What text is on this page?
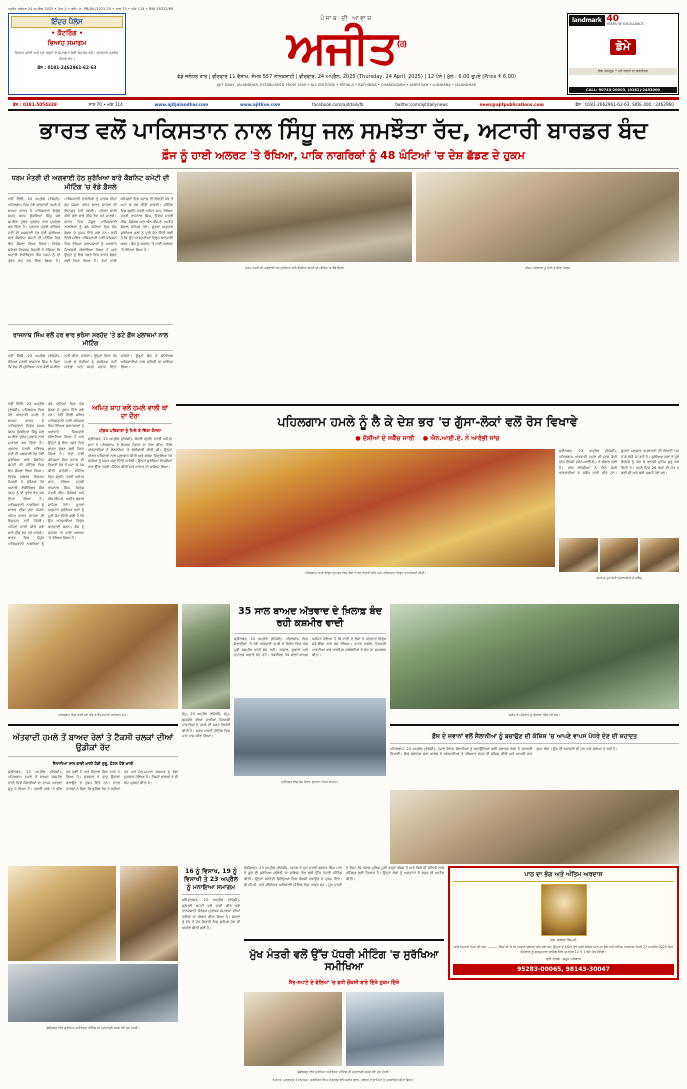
ਅਜੀਤ ਜਲੰਧਰ 24 ਅਪ੍ਰੈਲ 2025 • ਪੰਨਾ 1 • ਰਜਿ: ਨੰ: PB/JAL/2023-25 • ਸਾਲ 70 • ਅੰਕ 114 • RNI 18322/69
ਇੰਦਰ ਪੈਲੇਸ
• ਕੈਟਰਿੰਗ •
ਵਿਆਹ ਸਮਾਗਮ
ਵਿਆਹ ਸ਼ਾਦੀ ਅਤੇ ਹਰ ਤਰ੍ਹਾਂ ਦੇ ਸਮਾਗਮਾਂ ਲਈ ਸੰਪਰਕ ਕਰੋ। ਸ਼ਾਨਦਾਰ ਪ੍ਰਬੰਧ, ਵਾਜਬ ਰੇਟ।
ਫ਼ੋਨ : 0181-2462961-62-63
ਪੰਜਾਬ ਦੀ ਆਵਾਜ਼
ਅਜੀਤ$^{(ਰ)}$
ਵੱਡੇ ਜਲੰਧਰ ਤਾਰ | ਵੀਰਵਾਰ 11 ਵੈਸਾਖ, ਸੰਮਤ 557 ਨਾਨਕਸ਼ਾਹੀ | ਵੀਰਵਾਰ, 24 ਅਪ੍ਰੈਲ, 2025 (Thursday, 24 April, 2025) | 12 ਪੰਨੇ | ਮੁੱਲ : 6.00 ਰੁਪਏ (Price ₹ 6.00)
AJIT DAILY, JALANDHAR, ESTABLISHED FROM 1955 • ALL EDITIONS • PATIALA • BATHINDA • CHANDIGARH • AMRITSAR • LUDHIANA • JALANDHAR
landmark 40
YEARS OF EXCELLENCE
ਡੋਮੇ
ਵੱਡਾ ਸ਼ੋਅਰੂਮ • ਹਰ ਤਰ੍ਹਾਂ ਦਾ ਫ਼ਰਨੀਚਰ
CALL: 90743-20003, (0181)-2451000
ਫ਼ੋਨ : 0181-5054328	ਸਾਲ 70 • ਅੰਕ 114	www.ajitjalandhar.com	www.ajitlive.com	facebook.com/ajitdailyfb	twitter.com/ajitdailynews	news@ajitpublications.com	ਫ਼ੋਨ : 0181-2662961-62-63, SIDE 400 : 2462960
ਭਾਰਤ ਵਲੋਂ ਪਾਕਿਸਤਾਨ ਨਾਲ ਸਿੰਧੂ ਜਲ ਸਮਝੌਤਾ ਰੱਦ, ਅਟਾਰੀ ਬਾਰਡਰ ਬੰਦ
ਫ਼ੌਜ ਨੂੰ ਹਾਈ ਅਲਰਟ 'ਤੇ ਰੱਖਿਆ, ਪਾਕਿ ਨਾਗਰਿਕਾਂ ਨੂੰ 48 ਘੰਟਿਆਂ 'ਚ ਦੇਸ਼ ਛੱਡਣ ਦੇ ਹੁਕਮ
ਧਰਮ ਮੰਤਰੀ ਦੀ ਅਗਵਾਈ ਹੇਠ ਸੁਰੱਖਿਆ ਬਾਰੇ ਕੈਬਨਿਟ ਕਮੇਟੀ ਦੀ ਮੀਟਿੰਗ 'ਚ ਵੱਡੇ ਫ਼ੈਸਲੇ
ਨਵੀਂ ਦਿੱਲੀ, 23 ਅਪ੍ਰੈਲ (ਏਜੰਸੀ)- ਪਹਿਲਗਾਮ ਵਿਚ ਹੋਏ ਅੱਤਵਾਦੀ ਹਮਲੇ ਤੋਂ ਬਾਅਦ ਭਾਰਤ ਨੇ ਪਾਕਿਸਤਾਨ ਵਿਰੁੱਧ ਸਖ਼ਤ ਕਦਮ ਚੁੱਕਦਿਆਂ ਸਿੰਧੂ ਜਲ ਸਮਝੌਤਾ ਤੁਰੰਤ ਪ੍ਰਭਾਵ ਨਾਲ ਮੁਅੱਤਲ ਕਰ ਦਿੱਤਾ ਹੈ। ਪ੍ਰਧਾਨ ਮੰਤਰੀ ਨਰਿੰਦਰ ਮੋਦੀ ਦੀ ਅਗਵਾਈ ਹੇਠ ਹੋਈ ਸੁਰੱਖਿਆ ਬਾਰੇ ਕੈਬਨਿਟ ਕਮੇਟੀ ਦੀ ਮੀਟਿੰਗ ਵਿਚ ਇਹ ਫ਼ੈਸਲਾ ਲਿਆ ਗਿਆ। ਵਿਦੇਸ਼ ਸਕੱਤਰ ਵਿਕਰਮ ਮਿਸਰੀ ਨੇ ਦੱਸਿਆ ਕਿ ਅਟਾਰੀ ਏਕੀਕ੍ਰਿਤ ਚੈੱਕ ਪੋਸਟ ਨੂੰ ਵੀ ਤੁਰੰਤ ਬੰਦ ਕਰ ਦਿੱਤਾ ਗਿਆ ਹੈ। ਪਾਕਿਸਤਾਨੀ ਨਾਗਰਿਕਾਂ ਨੂੰ ਸਾਰਕ ਵੀਜ਼ਾ ਛੋਟ ਯੋਜਨਾ ਤਹਿਤ ਭਾਰਤ ਯਾਤਰਾ ਦੀ ਇਜਾਜ਼ਤ ਨਹੀਂ ਹੋਵੇਗੀ। ਪਹਿਲਾਂ ਜਾਰੀ ਕੀਤੇ ਗਏ ਸਾਰੇ ਵੀਜ਼ੇ ਰੱਦ ਮੰਨੇ ਜਾਣਗੇ। ਭਾਰਤ ਵਿਚ ਮੌਜੂਦ ਪਾਕਿਸਤਾਨੀ ਨਾਗਰਿਕਾਂ ਨੂੰ 48 ਘੰਟਿਆਂ ਵਿਚ ਦੇਸ਼ ਛੱਡਣ ਦੇ ਹੁਕਮ ਦਿੱਤੇ ਗਏ ਹਨ। ਨਵੀਂ ਦਿੱਲੀ ਸਥਿਤ ਪਾਕਿਸਤਾਨੀ ਹਾਈ ਕਮਿਸ਼ਨ ਵਿਚ ਰੱਖਿਆ ਸਲਾਹਕਾਰਾਂ ਨੂੰ ਅਣਚਾਹੇ ਵਿਅਕਤੀ ਐਲਾਨਿਆ ਗਿਆ ਹੈ ਅਤੇ ਉਨ੍ਹਾਂ ਨੂੰ ਇਕ ਹਫ਼ਤੇ ਵਿਚ ਭਾਰਤ ਛੱਡਣ ਲਈ ਕਿਹਾ ਗਿਆ ਹੈ। ਦੋਵਾਂ ਹਾਈ ਕਮਿਸ਼ਨਾਂ ਵਿਚ ਸਟਾਫ਼ ਦੀ ਗਿਣਤੀ 55 ਤੋਂ ਘਟਾ ਕੇ 30 ਕੀਤੀ ਜਾਵੇਗੀ। ਮੀਟਿੰਗ ਵਿਚ ਗ੍ਰਹਿ ਮੰਤਰੀ ਅਮਿਤ ਸ਼ਾਹ, ਰੱਖਿਆ ਮੰਤਰੀ ਰਾਜਨਾਥ ਸਿੰਘ, ਵਿਦੇਸ਼ ਮੰਤਰੀ ਐੱਸ. ਜੈਸ਼ੰਕਰ ਅਤੇ ਐੱਨ.ਐੱਸ.ਏ. ਅਜੀਤ ਡੋਭਾਲ ਸ਼ਾਮਿਲ ਹੋਏ। ਸੂਤਰਾਂ ਅਨੁਸਾਰ ਸੁਰੱਖਿਆ ਬਲਾਂ ਨੂੰ ਪੂਰੀ ਛੋਟ ਦਿੱਤੀ ਗਈ ਹੈ ਕਿ ਉਹ ਅੱਤਵਾਦੀਆਂ ਵਿਰੁੱਧ ਕਾਰਵਾਈ ਕਰਨ। ਫ਼ੌਜ ਨੂੰ ਸਰਹੱਦ 'ਤੇ ਹਾਈ ਅਲਰਟ 'ਤੇ ਰੱਖਿਆ ਗਿਆ ਹੈ।
ਰਾਜਨਾਥ ਸਿੰਘ ਵਲੋਂ ਹਰ ਵਾਰ ਭਰੋਸਾ ਸਰਹੱਦ 'ਤੇ ਡਟੇ ਫ਼ੌਜ ਮੁਲਾਜ਼ਮਾਂ ਨਾਲ ਮੀਟਿੰਗ
ਨਵੀਂ ਦਿੱਲੀ, 23 ਅਪ੍ਰੈਲ (ਏਜੰਸੀ)- ਰੱਖਿਆ ਮੰਤਰੀ ਰਾਜਨਾਥ ਸਿੰਘ ਨੇ ਕਿਹਾ ਕਿ ਦੇਸ਼ ਦੀ ਸੁਰੱਖਿਆ ਨਾਲ ਕੋਈ ਸਮਝੌਤਾ ਨਹੀਂ ਕੀਤਾ ਜਾਵੇਗਾ। ਉਨ੍ਹਾਂ ਕਿਹਾ ਕਿ ਹਮਲੇ ਦੇ ਦੋਸ਼ੀਆਂ ਨੂੰ ਬਖ਼ਸ਼ਿਆ ਨਹੀਂ ਜਾਵੇਗਾ ਅਤੇ ਸਖ਼ਤ ਜਵਾਬ ਦਿੱਤਾ ਜਾਵੇਗਾ। ਉਨ੍ਹਾਂ ਫ਼ੌਜ ਦੇ ਸੀਨੀਅਰ ਅਧਿਕਾਰੀਆਂ ਨਾਲ ਸਥਿਤੀ ਦਾ ਜਾਇਜ਼ਾ ਲਿਆ।
ਧਰਮ ਮੰਤਰੀ ਦੀ ਅਗਵਾਈ ਹੇਠ ਸੁਰੱਖਿਆ ਬਾਰੇ ਕੈਬਨਿਟ ਕਮੇਟੀ ਦੀ ਮੀਟਿੰਗ 'ਚ ਵੱਡੇ ਫ਼ੈਸਲੇ	ਪੀੜਤ ਪਰਿਵਾਰਾਂ ਨੂੰ ਮਿਲੇ ਤੇ ਦਿੱਤਾ ਹੌਸਲਾ
ਨਵੀਂ ਦਿੱਲੀ, 23 ਅਪ੍ਰੈਲ (ਏਜੰਸੀ)- ਪਹਿਲਗਾਮ ਵਿਚ ਹੋਏ ਅੱਤਵਾਦੀ ਹਮਲੇ ਤੋਂ ਬਾਅਦ ਭਾਰਤ ਨੇ ਪਾਕਿਸਤਾਨ ਵਿਰੁੱਧ ਸਖ਼ਤ ਕਦਮ ਚੁੱਕਦਿਆਂ ਸਿੰਧੂ ਜਲ ਸਮਝੌਤਾ ਤੁਰੰਤ ਪ੍ਰਭਾਵ ਨਾਲ ਮੁਅੱਤਲ ਕਰ ਦਿੱਤਾ ਹੈ। ਪ੍ਰਧਾਨ ਮੰਤਰੀ ਨਰਿੰਦਰ ਮੋਦੀ ਦੀ ਅਗਵਾਈ ਹੇਠ ਹੋਈ ਸੁਰੱਖਿਆ ਬਾਰੇ ਕੈਬਨਿਟ ਕਮੇਟੀ ਦੀ ਮੀਟਿੰਗ ਵਿਚ ਇਹ ਫ਼ੈਸਲਾ ਲਿਆ ਗਿਆ। ਵਿਦੇਸ਼ ਸਕੱਤਰ ਵਿਕਰਮ ਮਿਸਰੀ ਨੇ ਦੱਸਿਆ ਕਿ ਅਟਾਰੀ ਏਕੀਕ੍ਰਿਤ ਚੈੱਕ ਪੋਸਟ ਨੂੰ ਵੀ ਤੁਰੰਤ ਬੰਦ ਕਰ ਦਿੱਤਾ ਗਿਆ ਹੈ। ਪਾਕਿਸਤਾਨੀ ਨਾਗਰਿਕਾਂ ਨੂੰ ਸਾਰਕ ਵੀਜ਼ਾ ਛੋਟ ਯੋਜਨਾ ਤਹਿਤ ਭਾਰਤ ਯਾਤਰਾ ਦੀ ਇਜਾਜ਼ਤ ਨਹੀਂ ਹੋਵੇਗੀ। ਪਹਿਲਾਂ ਜਾਰੀ ਕੀਤੇ ਗਏ ਸਾਰੇ ਵੀਜ਼ੇ ਰੱਦ ਮੰਨੇ ਜਾਣਗੇ। ਭਾਰਤ ਵਿਚ ਮੌਜੂਦ ਪਾਕਿਸਤਾਨੀ ਨਾਗਰਿਕਾਂ ਨੂੰ 48 ਘੰਟਿਆਂ ਵਿਚ ਦੇਸ਼ ਛੱਡਣ ਦੇ ਹੁਕਮ ਦਿੱਤੇ ਗਏ ਹਨ। ਨਵੀਂ ਦਿੱਲੀ ਸਥਿਤ ਪਾਕਿਸਤਾਨੀ ਹਾਈ ਕਮਿਸ਼ਨ ਵਿਚ ਰੱਖਿਆ ਸਲਾਹਕਾਰਾਂ ਨੂੰ ਅਣਚਾਹੇ ਵਿਅਕਤੀ ਐਲਾਨਿਆ ਗਿਆ ਹੈ ਅਤੇ ਉਨ੍ਹਾਂ ਨੂੰ ਇਕ ਹਫ਼ਤੇ ਵਿਚ ਭਾਰਤ ਛੱਡਣ ਲਈ ਕਿਹਾ ਗਿਆ ਹੈ। ਦੋਵਾਂ ਹਾਈ ਕਮਿਸ਼ਨਾਂ ਵਿਚ ਸਟਾਫ਼ ਦੀ ਗਿਣਤੀ 55 ਤੋਂ ਘਟਾ ਕੇ 30 ਕੀਤੀ ਜਾਵੇਗੀ। ਮੀਟਿੰਗ ਵਿਚ ਗ੍ਰਹਿ ਮੰਤਰੀ ਅਮਿਤ ਸ਼ਾਹ, ਰੱਖਿਆ ਮੰਤਰੀ ਰਾਜਨਾਥ ਸਿੰਘ, ਵਿਦੇਸ਼ ਮੰਤਰੀ ਐੱਸ. ਜੈਸ਼ੰਕਰ ਅਤੇ ਐੱਨ.ਐੱਸ.ਏ. ਅਜੀਤ ਡੋਭਾਲ ਸ਼ਾਮਿਲ ਹੋਏ। ਸੂਤਰਾਂ ਅਨੁਸਾਰ ਸੁਰੱਖਿਆ ਬਲਾਂ ਨੂੰ ਪੂਰੀ ਛੋਟ ਦਿੱਤੀ ਗਈ ਹੈ ਕਿ ਉਹ ਅੱਤਵਾਦੀਆਂ ਵਿਰੁੱਧ ਕਾਰਵਾਈ ਕਰਨ। ਫ਼ੌਜ ਨੂੰ ਸਰਹੱਦ 'ਤੇ ਹਾਈ ਅਲਰਟ 'ਤੇ ਰੱਖਿਆ ਗਿਆ ਹੈ।
ਅਮਿਤ ਸ਼ਾਹ ਵਲੋਂ ਹਮਲੇ ਵਾਲੀ ਥਾਂ ਦਾ ਦੌਰਾ
ਪੀੜਤ ਪਰਿਵਾਰਾਂ ਨੂੰ ਮਿਲੇ ਤੇ ਦਿੱਤਾ ਹੌਸਲਾ
ਸ੍ਰੀਨਗਰ, 23 ਅਪ੍ਰੈਲ (ਏਜੰਸੀ)- ਕੇਂਦਰੀ ਗ੍ਰਹਿ ਮੰਤਰੀ ਅਮਿਤ ਸ਼ਾਹ ਨੇ ਪਹਿਲਗਾਮ ਦੇ ਬੈਸਰਨ ਮੈਦਾਨ ਦਾ ਦੌਰਾ ਕੀਤਾ, ਜਿੱਥੇ ਅੱਤਵਾਦੀਆਂ ਨੇ ਸੈਲਾਨੀਆਂ 'ਤੇ ਗੋਲੀਬਾਰੀ ਕੀਤੀ ਸੀ। ਉਨ੍ਹਾਂ ਪੀੜਤ ਪਰਿਵਾਰਾਂ ਨਾਲ ਮੁਲਾਕਾਤ ਕੀਤੀ ਅਤੇ ਭਰੋਸਾ ਦਿਵਾਇਆ ਕਿ ਦੋਸ਼ੀਆਂ ਨੂੰ ਸਖ਼ਤ ਸਜ਼ਾ ਦਿੱਤੀ ਜਾਵੇਗੀ। ਉਨ੍ਹਾਂ ਸੁਰੱਖਿਆ ਏਜੰਸੀਆਂ ਨਾਲ ਉੱਚ ਪੱਧਰੀ ਮੀਟਿੰਗ ਕੀਤੀ ਅਤੇ ਹਾਲਾਤ ਦਾ ਜਾਇਜ਼ਾ ਲਿਆ।
ਪਹਿਲਗਾਮ ਹਮਲੇ ਨੂੰ ਲੈ ਕੇ ਦੇਸ਼ ਭਰ 'ਚ ਗੁੱਸਾ-ਲੋਕਾਂ ਵਲੋਂ ਰੋਸ ਵਿਖਾਵੇ
● ਦੋਸ਼ੀਆਂ ਦੇ ਸਕੈੱਚ ਜਾਰੀ ● ਐਨ.ਆਈ.ਏ. ਨੇ ਆਰੰਭੀ ਜਾਂਚ
ਪਹਿਲਗਾਮ ਹਮਲੇ ਵਿਰੁੱਧ ਦੇਸ਼ ਭਰ ਵਿਚ ਲੋਕਾਂ ਨੇ ਰੋਸ ਵਿਖਾਵੇ ਕੀਤੇ ਅਤੇ ਪਾਕਿਸਤਾਨ ਵਿਰੁੱਧ ਨਾਅਰੇਬਾਜ਼ੀ ਕੀਤੀ।
ਸ੍ਰੀਨਗਰ, 23 ਅਪ੍ਰੈਲ (ਏਜੰਸੀ)- ਪਹਿਲਗਾਮ ਅੱਤਵਾਦੀ ਹਮਲੇ ਦੀ ਜਾਂਚ ਕੌਮੀ ਜਾਂਚ ਏਜੰਸੀ (ਐਨ.ਆਈ.ਏ.) ਨੇ ਸੰਭਾਲ ਲਈ ਹੈ। ਜਾਂਚ ਏਜੰਸੀਆਂ ਨੇ ਤਿੰਨ ਸ਼ੱਕੀ ਅੱਤਵਾਦੀਆਂ ਦੇ ਸਕੈੱਚ ਜਾਰੀ ਕੀਤੇ ਹਨ। ਸੂਤਰਾਂ ਅਨੁਸਾਰ ਹਮਲਾਵਰਾਂ ਦੀ ਗਿਣਤੀ ਪੰਜ ਤੋਂ ਛੇ ਦੱਸੀ ਜਾ ਰਹੀ ਹੈ। ਸੁਰੱਖਿਆ ਬਲਾਂ ਨੇ ਪੂਰੇ ਇਲਾਕੇ ਨੂੰ ਘੇਰ ਕੇ ਤਲਾਸ਼ੀ ਮੁਹਿੰਮ ਸ਼ੁਰੂ ਕਰ ਦਿੱਤੀ ਹੈ। ਹਮਲੇ ਵਿਚ 26 ਲੋਕਾਂ ਦੀ ਮੌਤ ਹੋ ਗਈ ਸੀ ਅਤੇ ਕਈ ਜ਼ਖ਼ਮੀ ਹੋਏ ਸਨ।
ਹਮਲੇ ਦੇ ਮੁੱਖ ਸ਼ੱਕੀ ਅੱਤਵਾਦੀਆਂ ਦੇ ਸਕੈੱਚ
ਪਹਿਲਗਾਮ ਵਿਚ ਖ਼ਾਲੀ ਪਏ ਘੋੜੇ ਤੇ ਸੈਰ-ਸਪਾਟਾ ਕਾਰੋਬਾਰ ਠੱਪ।
ਅੱਤਵਾਦੀ ਹਮਲੇ ਤੋਂ ਬਾਅਦ ਰੇਲਾਂ ਤੇ ਟੈਕਸੀ ਚਲਕਾਂ ਦੀਆਂ ਉਡੀਕਾਂ ਰੱਦ
ਸੈਲਾਨੀਆਂ ਨਾਲ ਵਾਦੀ ਖ਼ਾਲੀ ਹੋਣੀ ਸ਼ੁਰੂ, ਹੋਟਲ ਹੋਏ ਖ਼ਾਲੀ
ਸ੍ਰੀਨਗਰ, 23 ਅਪ੍ਰੈਲ (ਏਜੰਸੀ)- ਪਹਿਲਗਾਮ ਹਮਲੇ ਤੋਂ ਬਾਅਦ ਕਸ਼ਮੀਰ ਵਾਦੀ ਵਿਚੋਂ ਸੈਲਾਨੀਆਂ ਦਾ ਵਾਪਸ ਪਰਤਣਾ ਸ਼ੁਰੂ ਹੋ ਗਿਆ ਹੈ। ਹਵਾਈ ਅੱਡੇ 'ਤੇ ਭੀੜ ਵਧ ਗਈ ਹੈ ਅਤੇ ਕਿਰਾਏ ਵਿਚ ਵਾਧਾ ਹੋ ਗਿਆ ਹੈ। ਸਰਕਾਰ ਨੇ ਵਾਧੂ ਉਡਾਣਾਂ ਚਲਾਉਣ ਦੇ ਹੁਕਮ ਦਿੱਤੇ ਹਨ। ਹੋਟਲ ਮਾਲਕਾਂ ਨੇ ਕਿਹਾ ਕਿ ਬੁਕਿੰਗ ਰੱਦ ਹੋ ਰਹੀਆਂ ਹਨ ਅਤੇ ਸੈਰ-ਸਪਾਟਾ ਸਨਅਤ ਨੂੰ ਵੱਡਾ ਨੁਕਸਾਨ ਹੋਇਆ ਹੈ। ਟੈਕਸੀ ਚਾਲਕਾਂ ਨੇ ਵੀ ਰੋਸ ਪ੍ਰਗਟ ਕੀਤਾ ਹੈ।
ਜੰਮੂ, 23 ਅਪ੍ਰੈਲ (ਏਜੰਸੀ)- ਜੰਮੂ-ਕਸ਼ਮੀਰ ਦੀਆਂ ਸਾਰੀਆਂ ਸਿਆਸੀ ਪਾਰਟੀਆਂ ਨੇ ਹਮਲੇ ਦੀ ਸਖ਼ਤ ਨਿਖੇਧੀ ਕੀਤੀ ਹੈ। ਸਰਬ ਪਾਰਟੀ ਮੀਟਿੰਗ ਵਿਚ ਮਤਾ ਪਾਸ ਕੀਤਾ ਗਿਆ।
35 ਸਾਲ ਬਾਅਦ ਅੱਤਵਾਦ ਦੇ ਖ਼ਿਲਾਫ਼ ਬੰਦ ਰਹੀ ਕਸ਼ਮੀਰ ਵਾਦੀ
ਸ੍ਰੀਨਗਰ, 23 ਅਪ੍ਰੈਲ (ਏਜੰਸੀ)- ਪਹਿਲਗਾਮ ਵਿਚ ਸੈਲਾਨੀਆਂ 'ਤੇ ਹੋਏ ਅੱਤਵਾਦੀ ਹਮਲੇ ਦੇ ਵਿਰੋਧ ਵਿਚ ਅੱਜ ਪੂਰੀ ਕਸ਼ਮੀਰ ਵਾਦੀ ਬੰਦ ਰਹੀ। ਬਾਜ਼ਾਰ, ਦੁਕਾਨਾਂ ਅਤੇ ਵਪਾਰਕ ਅਦਾਰੇ ਬੰਦ ਰਹੇ। ਤਕਰੀਬਨ 35 ਸਾਲਾਂ ਬਾਅਦ ਅਜਿਹਾ ਹੋਇਆ ਹੈ ਕਿ ਵਾਦੀ ਦੇ ਲੋਕਾਂ ਨੇ ਅੱਤਵਾਦ ਵਿਰੁੱਧ ਸਵੈ-ਇੱਛਾ ਨਾਲ ਬੰਦ ਰੱਖਿਆ। ਵਪਾਰ ਮੰਡਲਾਂ, ਸਿਆਸੀ ਪਾਰਟੀਆਂ ਅਤੇ ਧਾਰਮਿਕ ਜਥੇਬੰਦੀਆਂ ਨੇ ਬੰਦ ਦਾ ਸਮਰਥਨ ਕੀਤਾ।
ਸ੍ਰੀਨਗਰ ਵਿਚ ਬੰਦ ਦੌਰਾਨ ਸੁੰਨਸਾਨ ਪਿਆ ਬਾਜ਼ਾਰ।
ਸ਼ਹੀਦ ਦੇ ਪਰਿਵਾਰ ਨੂੰ ਦਿਲਾਸਾ ਦਿੰਦੇ ਹੋਏ ਲੋਕ।
ਫ਼ੌਜ ਦੇ ਜਵਾਨਾਂ ਵਲੋਂ ਸੈਲਾਨੀਆਂ ਨੂੰ ਬਚਾਉਣ ਦੀ ਕੋਸ਼ਿਸ਼ 'ਚ ਆਪਣੇ ਵਾਪਸ ਪੱਧਰੇ ਦੇਣ ਦੀ ਸ਼ਹਾਦਤ
ਪਹਿਲਗਾਮ, 23 ਅਪ੍ਰੈਲ (ਏਜੰਸੀ)- ਹਮਲੇ ਦੌਰਾਨ ਸੈਲਾਨੀਆਂ ਨੂੰ ਬਚਾਉਂਦਿਆਂ ਕਈ ਸਥਾਨਕ ਲੋਕਾਂ ਨੇ ਬਹਾਦਰੀ ਦਿਖਾਈ। ਇਕ ਸਥਾਨਕ ਘੋੜਾ ਚਾਲਕ ਨੇ ਅੱਤਵਾਦੀਆਂ ਤੋਂ ਹਥਿਆਰ ਖੋਹਣ ਦੀ ਕੋਸ਼ਿਸ਼ ਕੀਤੀ ਅਤੇ ਆਪਣੀ ਜਾਨ ਗੁਆ ਬੈਠਾ। ਉਸ ਦੀ ਬਹਾਦਰੀ ਦੀ ਹਰ ਪਾਸੇ ਸ਼ਲਾਘਾ ਹੋ ਰਹੀ ਹੈ।
ਚੰਡੀਗੜ੍ਹ ਵਿਖੇ ਸੁਰੱਖਿਆ ਸਮੀਖਿਆ ਮੀਟਿੰਗ ਦੀ ਪ੍ਰਧਾਨਗੀ ਕਰਦੇ ਹੋਏ ਮੁੱਖ ਮੰਤਰੀ।
16 ਨੂੰ ਵਿਸਾਖ, 19 ਨੂੰ ਵਿਸਾਖੀ ਤੇ 23 ਅਪ੍ਰੈਲ ਨੂੰ ਮਨਾਇਆ ਸਮਾਗਮ
ਅੰਮ੍ਰਿਤਸਰ, 23 ਅਪ੍ਰੈਲ (ਏਜੰਸੀ)- ਸ਼੍ਰੋਮਣੀ ਕਮੇਟੀ ਵਲੋਂ ਜਾਰੀ ਕੀਤੇ ਗਏ ਨਾਨਕਸ਼ਾਹੀ ਕੈਲੰਡਰ ਮੁਤਾਬਕ ਸਮਾਗਮਾਂ ਦੀਆਂ ਤਰੀਕਾਂ ਦਾ ਐਲਾਨ ਕੀਤਾ ਗਿਆ ਹੈ। ਸੰਗਤਾਂ ਨੂੰ ਵੱਧ ਤੋਂ ਵੱਧ ਗਿਣਤੀ ਵਿਚ ਸ਼ਾਮਿਲ ਹੋਣ ਦੀ ਅਪੀਲ ਕੀਤੀ ਗਈ ਹੈ।
ਚੰਡੀਗੜ੍ਹ, 23 ਅਪ੍ਰੈਲ (ਏਜੰਸੀ)- ਪੰਜਾਬ ਦੇ ਮੁੱਖ ਮੰਤਰੀ ਭਗਵੰਤ ਸਿੰਘ ਮਾਨ ਨੇ ਸੂਬੇ ਦੀ ਸੁਰੱਖਿਆ ਸਥਿਤੀ ਦਾ ਜਾਇਜ਼ਾ ਲੈਣ ਲਈ ਉੱਚ ਪੱਧਰੀ ਮੀਟਿੰਗ ਕੀਤੀ। ਉਨ੍ਹਾਂ ਸਰਹੱਦੀ ਜ਼ਿਲ੍ਹਿਆਂ ਵਿਚ ਚੌਕਸੀ ਵਧਾਉਣ ਦੇ ਹੁਕਮ ਦਿੱਤੇ। ਡੀ.ਜੀ.ਪੀ. ਅਤੇ ਸੀਨੀਅਰ ਅਧਿਕਾਰੀ ਮੀਟਿੰਗ ਵਿਚ ਹਾਜ਼ਰ ਸਨ। ਮੁੱਖ ਮੰਤਰੀ ਨੇ ਕਿਹਾ ਕਿ ਪੰਜਾਬ ਪੁਲਿਸ ਪੂਰੀ ਤਰ੍ਹਾਂ ਚੌਕਸ ਹੈ ਅਤੇ ਕਿਸੇ ਵੀ ਸਥਿਤੀ ਨਾਲ ਨਜਿੱਠਣ ਲਈ ਤਿਆਰ ਹੈ। ਉਨ੍ਹਾਂ ਲੋਕਾਂ ਨੂੰ ਅਫ਼ਵਾਹਾਂ ਤੋਂ ਬਚਣ ਦੀ ਅਪੀਲ ਕੀਤੀ।
ਮੁੱਖ ਮੰਤਰੀ ਵਲੋਂ ਉੱਚ ਪੱਧਰੀ ਮੀਟਿੰਗ 'ਚ ਸੁਰੱਖਿਆ ਸਮੀਖਿਆ
ਸੈਰ-ਸਪਾਟੇ ਦੇ ਵੇਲਿਆਂ 'ਚ ਵਧੀ ਚੌਕਸੀ ਬਾਰੇ ਦਿੱਤੇ ਹੁਕਮ ਦਿੱਤੇ
ਚੰਡੀਗੜ੍ਹ ਵਿਖੇ ਸੁਰੱਖਿਆ ਸਮੀਖਿਆ ਮੀਟਿੰਗ ਦੀ ਪ੍ਰਧਾਨਗੀ ਕਰਦੇ ਹੋਏ ਮੁੱਖ ਮੰਤਰੀ।
ਪਾਠ ਦਾ ਭੋਗ ਅਤੇ ਅੰਤਿਮ ਅਰਦਾਸ
ਸ੍ਰ. ਗੁਰਦੇਵ ਸਿੰਘ ਜੀ
ਸਾਡੇ ਪਿਆਰੇ ਪਿਤਾ ਜੀ ਸ੍ਰ. ——— ਸਿੰਘ ਜੀ ਜੋ ਕਿ ਅਕਾਲ ਚਲਾਣਾ ਕਰ ਗਏ ਹਨ, ਉਨ੍ਹਾਂ ਦੇ ਨਮਿੱਤ ਰੱਖੇ ਸ੍ਰੀ ਸਹਿਜ ਪਾਠ ਦਾ ਭੋਗ ਅਤੇ ਅੰਤਿਮ ਅਰਦਾਸ ਮਿਤੀ 27 ਅਪ੍ਰੈਲ 2025 ਦਿਨ ਐਤਵਾਰ ਨੂੰ ਗੁਰਦੁਆਰਾ ਸਾਹਿਬ ਵਿਖੇ ਦੁਪਹਿਰ 12 ਤੋਂ 1 ਵਜੇ ਤੱਕ ਹੋਵੇਗੀ।
ਦੁਖੀ ਹਿਰਦੇ : ਸਮੂਹ ਪਰਿਵਾਰ
95283-00065, 98143-30047
ਪ੍ਰਿੰਟਰ, ਪ੍ਰਕਾਸ਼ਕ ਤੇ ਸੰਪਾਦਕ : ਬਰਜਿੰਦਰ ਸਿੰਘ ਹਮਦਰਦ ਵਲੋਂ ਅਜੀਤ ਭਵਨ, ਜਲੰਧਰ ਤੋਂ ਛਾਪਿਆ ਤੇ ਪ੍ਰਕਾਸ਼ਿਤ ਕੀਤਾ ਗਿਆ।
